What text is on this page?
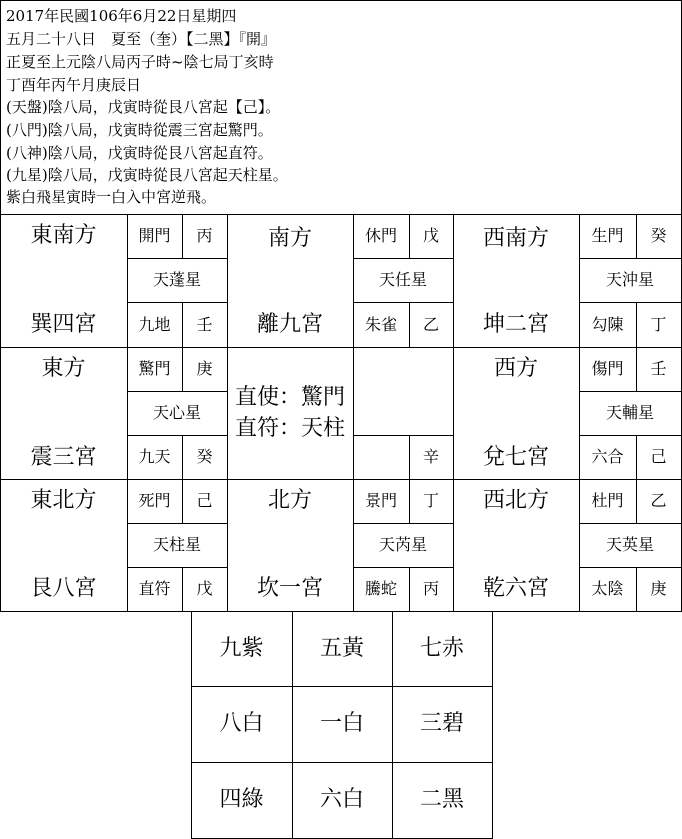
2017年民國106年6月22日星期四
五月二十八日　夏至（奎）【二黑】『開』
正夏至上元陰八局丙子時~陰七局丁亥時
丁酉年丙午月庚辰日
(天盤)陰八局，戊寅時從艮八宮起【己】。
(八門)陰八局，戊寅時從震三宮起驚門。
(八神)陰八局，戊寅時從艮八宮起直符。
(九星)陰八局，戊寅時從艮八宮起天柱星。
紫白飛星寅時一白入中宮逆飛。
東南方
巽四宮
開門	丙
天蓬星
九地	壬
南方
離九宮
休門	戊
天任星
朱雀	乙
西南方
坤二宮
生門	癸
天沖星
勾陳	丁
東方
震三宮
驚門	庚
天心星
九天	癸
直使：驚門
直符：天柱
辛
西方
兌七宮
傷門	壬
天輔星
六合	己
東北方
艮八宮
死門	己
天柱星
直符	戊
北方
坎一宮
景門	丁
天芮星
騰蛇	丙
西北方
乾六宮
杜門	乙
天英星
太陰	庚
九紫	五黃	七赤
八白	一白	三碧
四綠	六白	二黑
